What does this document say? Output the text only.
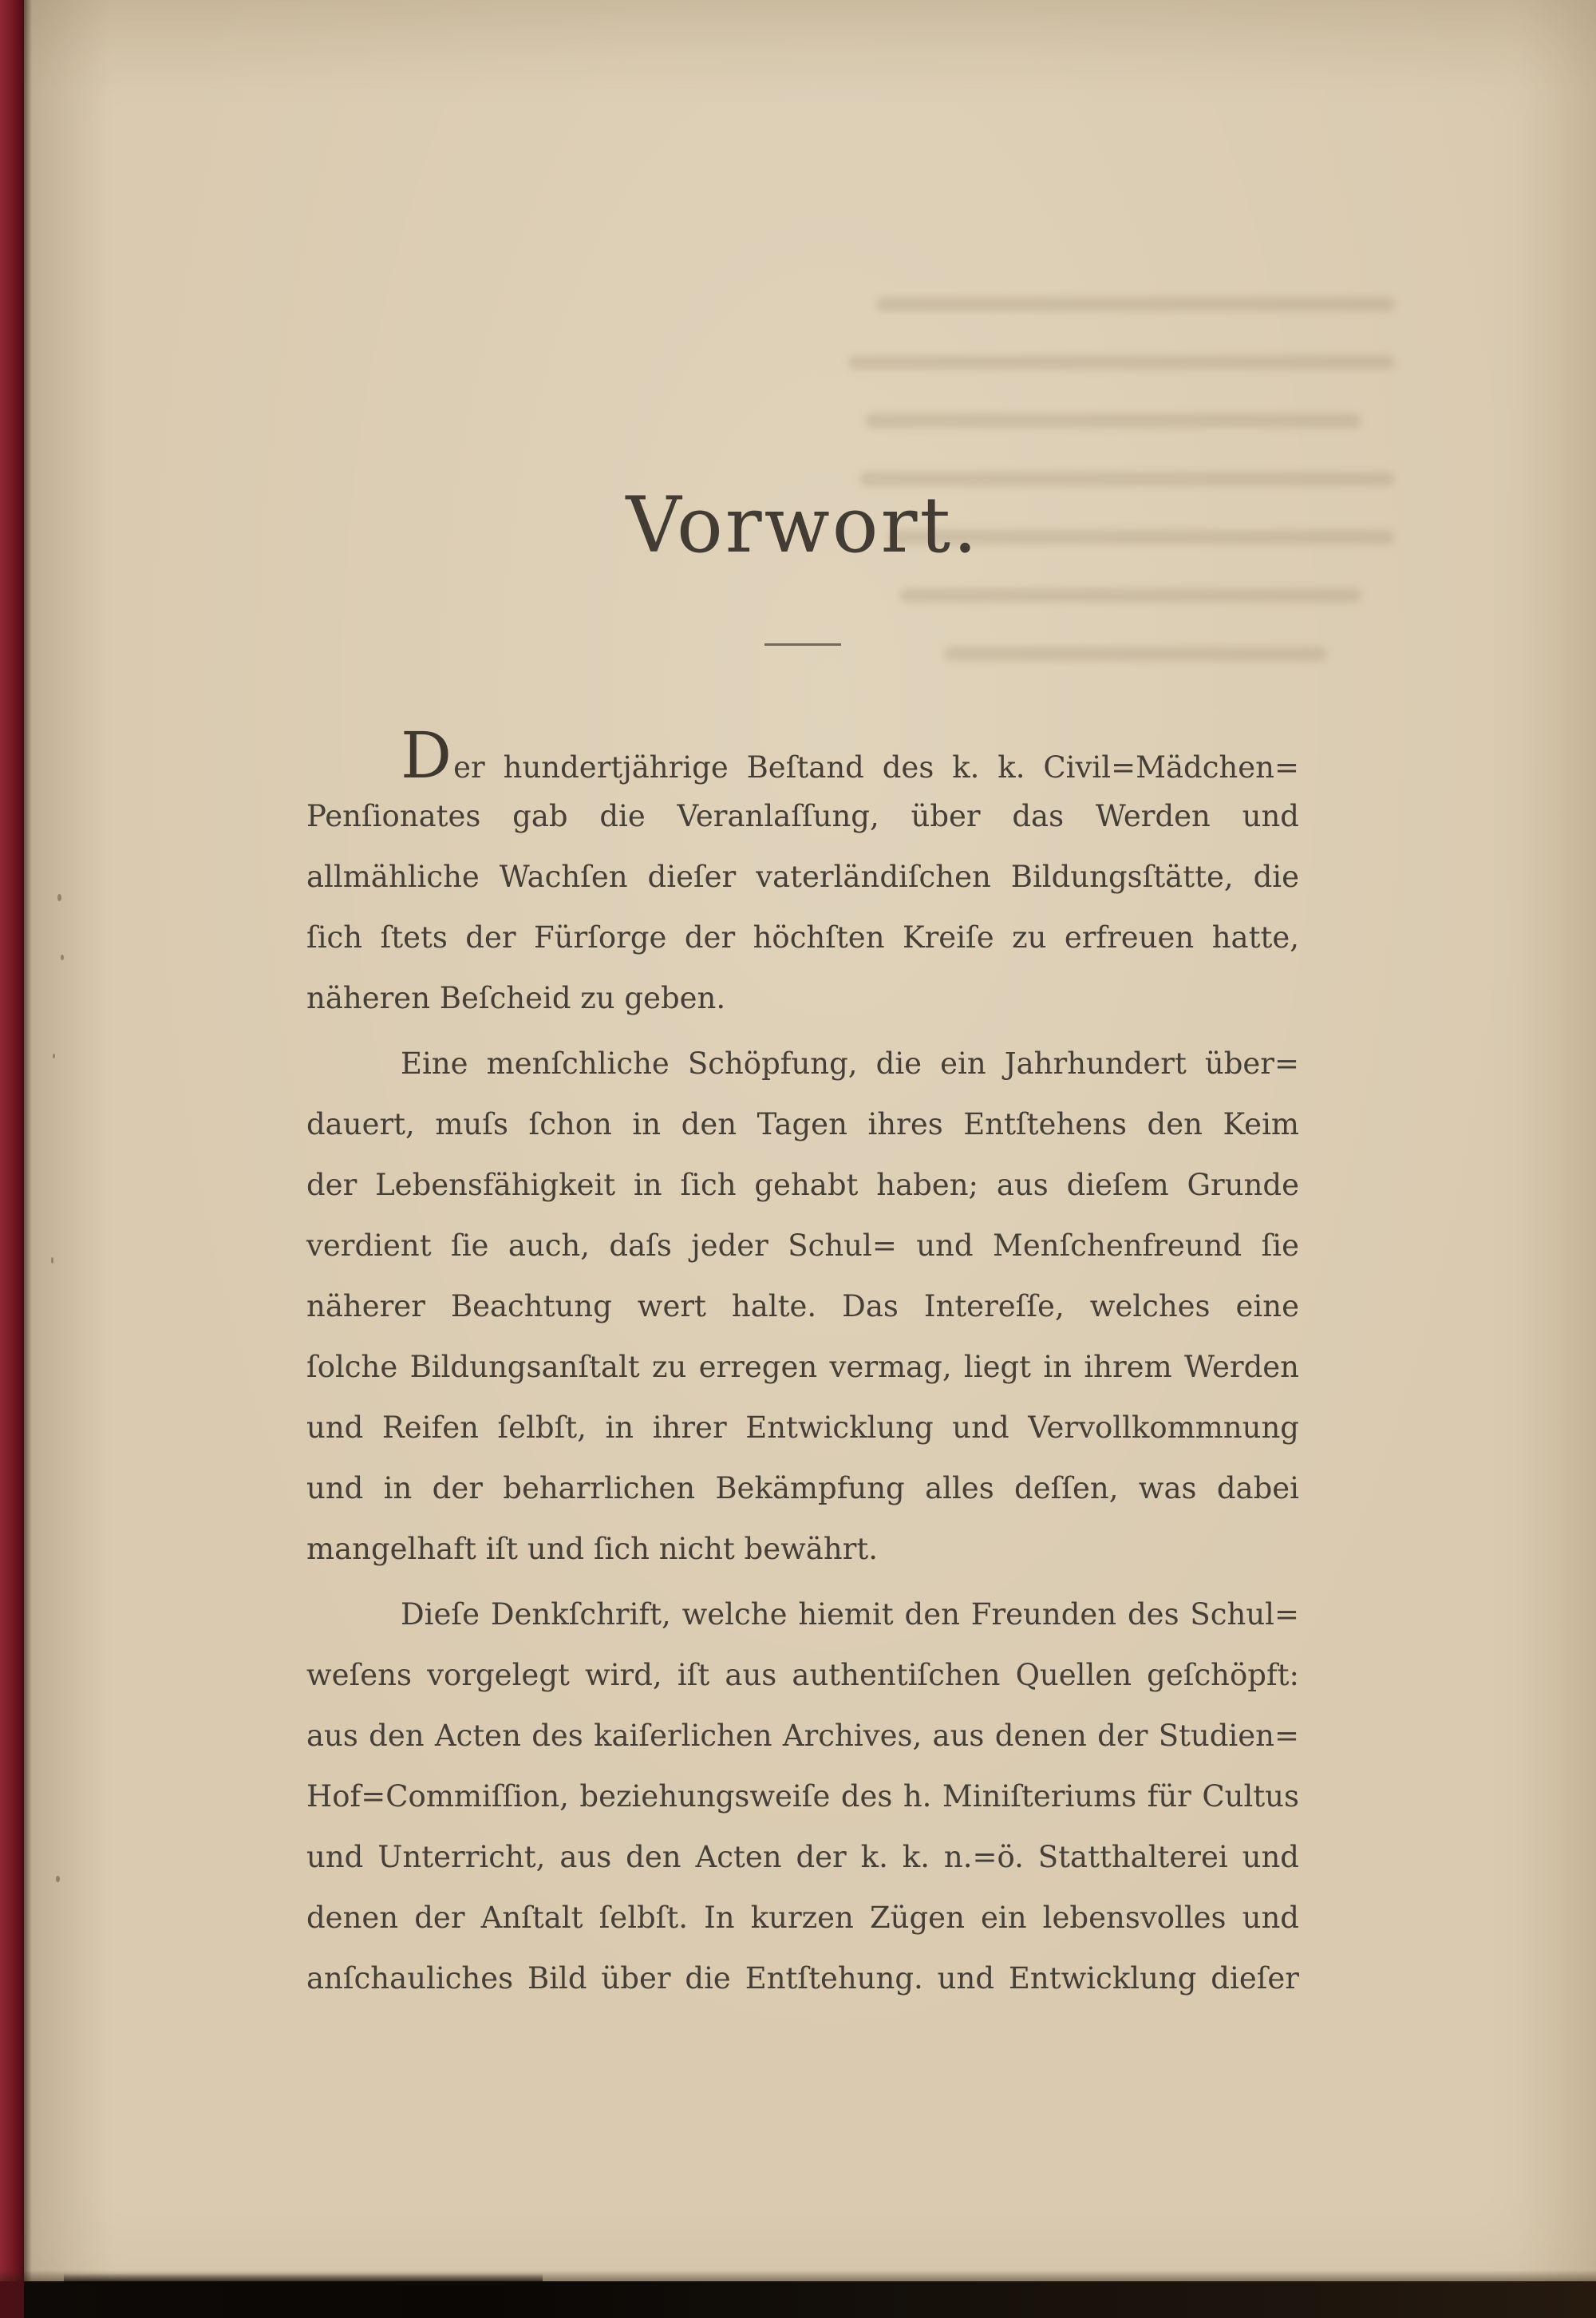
Vorwort.

Der hundertjährige Beſtand des k. k. Civil=Mädchen=

Penſionates gab die Veranlaſſung, über das Werden und

allmähliche Wachſen dieſer vaterländiſchen Bildungsſtätte, die

ſich ſtets der Fürſorge der höchſten Kreiſe zu erfreuen hatte,

näheren Beſcheid zu geben.

Eine menſchliche Schöpfung, die ein Jahrhundert über=

dauert, muſs ſchon in den Tagen ihres Entſtehens den Keim

der Lebensfähigkeit in ſich gehabt haben; aus dieſem Grunde

verdient ſie auch, daſs jeder Schul= und Menſchenfreund ſie

näherer Beachtung wert halte. Das Intereſſe, welches eine

ſolche Bildungsanſtalt zu erregen vermag, liegt in ihrem Werden

und Reifen ſelbſt, in ihrer Entwicklung und Vervollkommnung

und in der beharrlichen Bekämpfung alles deſſen, was dabei

mangelhaft iſt und ſich nicht bewährt.

Dieſe Denkſchrift, welche hiemit den Freunden des Schul=

weſens vorgelegt wird, iſt aus authentiſchen Quellen geſchöpft:

aus den Acten des kaiſerlichen Archives, aus denen der Studien=

Hof=Commiſſion, beziehungsweiſe des h. Miniſteriums für Cultus

und Unterricht, aus den Acten der k. k. n.=ö. Statthalterei und

denen der Anſtalt ſelbſt. In kurzen Zügen ein lebensvolles und

anſchauliches Bild über die Entſtehung. und Entwicklung dieſer
